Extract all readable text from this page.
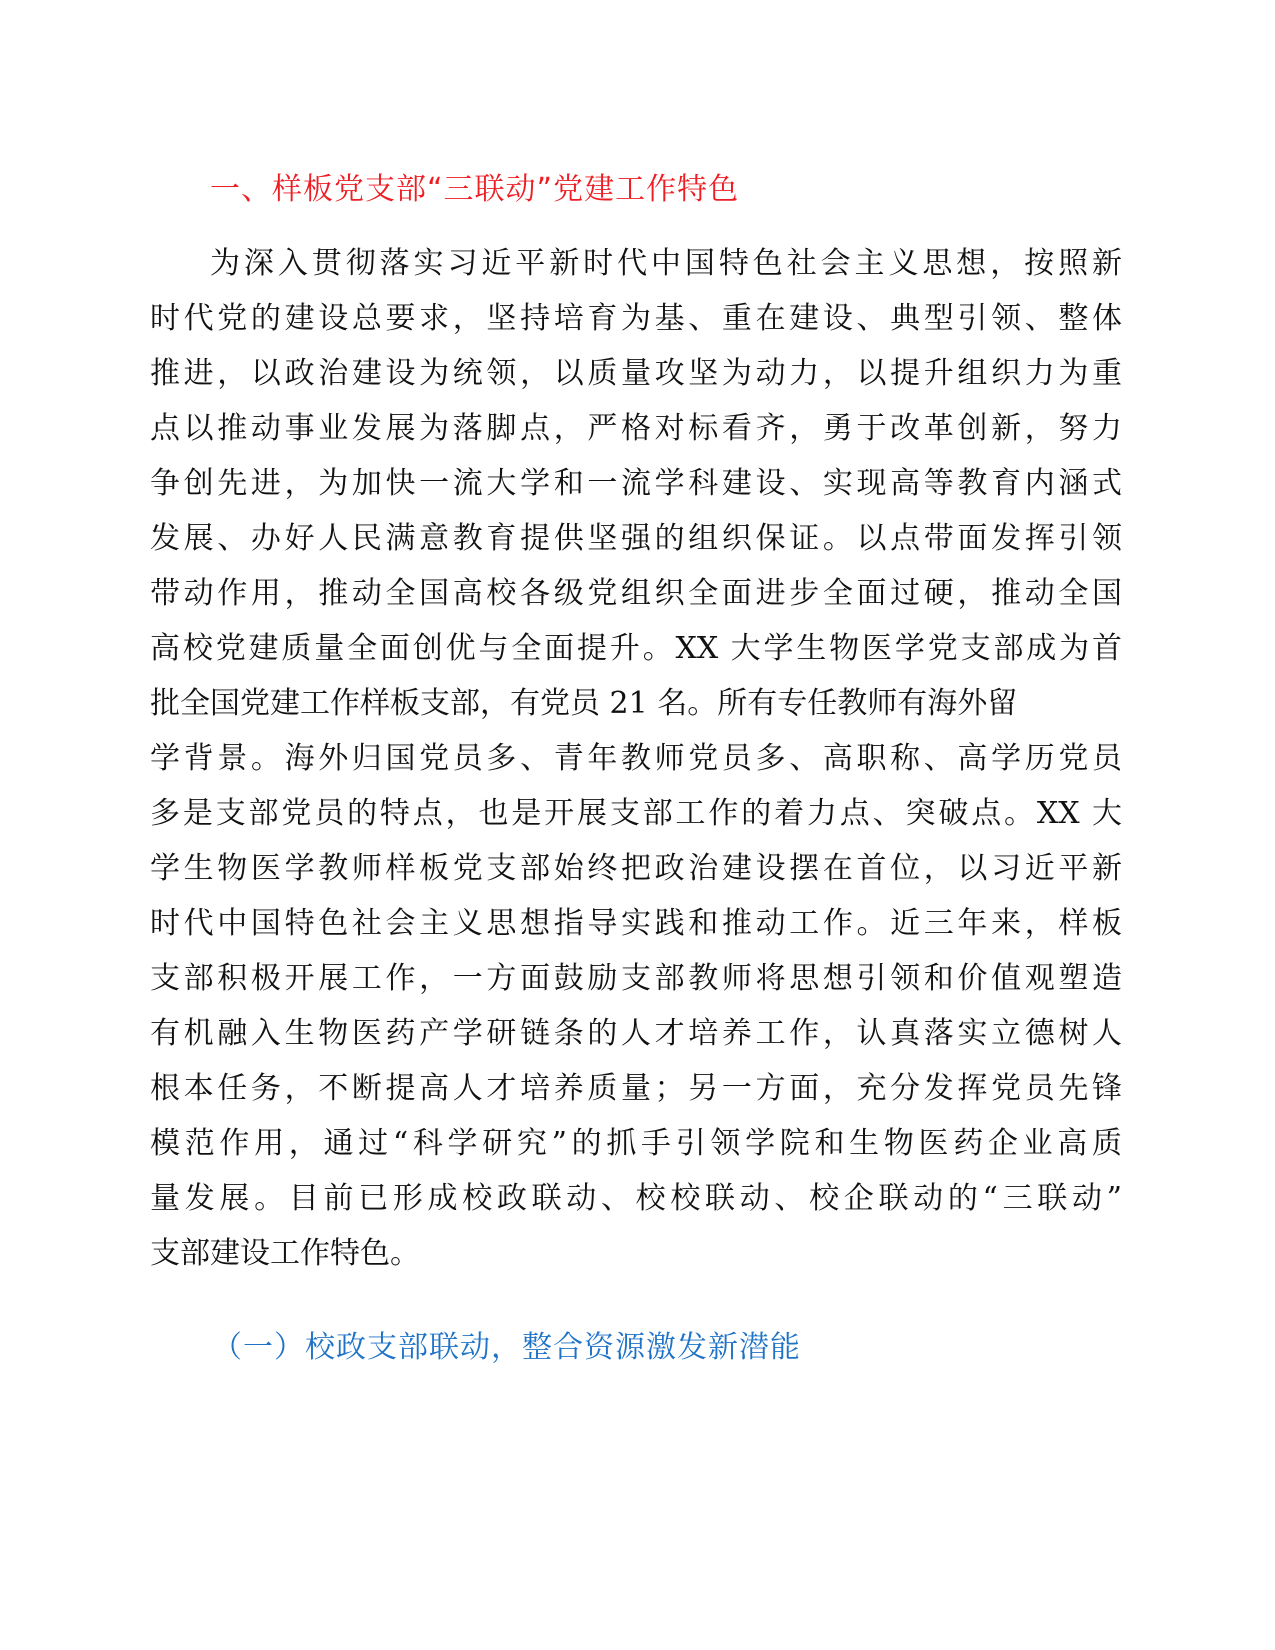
一、样板党支部“三联动”党建工作特色
为深入贯彻落实习近平新时代中国特色社会主义思想，按照新
时代党的建设总要求，坚持培育为基、重在建设、典型引领、整体
推进，以政治建设为统领，以质量攻坚为动力，以提升组织力为重
点以推动事业发展为落脚点，严格对标看齐，勇于改革创新，努力
争创先进，为加快一流大学和一流学科建设、实现高等教育内涵式
发展、办好人民满意教育提供坚强的组织保证。以点带面发挥引领
带动作用，推动全国高校各级党组织全面进步全面过硬，推动全国
高校党建质量全面创优与全面提升。XX 大学生物医学党支部成为首
批全国党建工作样板支部，有党员 21 名。所有专任教师有海外留
学背景。海外归国党员多、青年教师党员多、高职称、高学历党员
多是支部党员的特点，也是开展支部工作的着力点、突破点。XX 大
学生物医学教师样板党支部始终把政治建设摆在首位，以习近平新
时代中国特色社会主义思想指导实践和推动工作。近三年来，样板
支部积极开展工作，一方面鼓励支部教师将思想引领和价值观塑造
有机融入生物医药产学研链条的人才培养工作，认真落实立德树人
根本任务，不断提高人才培养质量；另一方面，充分发挥党员先锋
模范作用，通过“科学研究”的抓手引领学院和生物医药企业高质
量发展。目前已形成校政联动、校校联动、校企联动的“三联动”
支部建设工作特色。
（一）校政支部联动，整合资源激发新潜能
